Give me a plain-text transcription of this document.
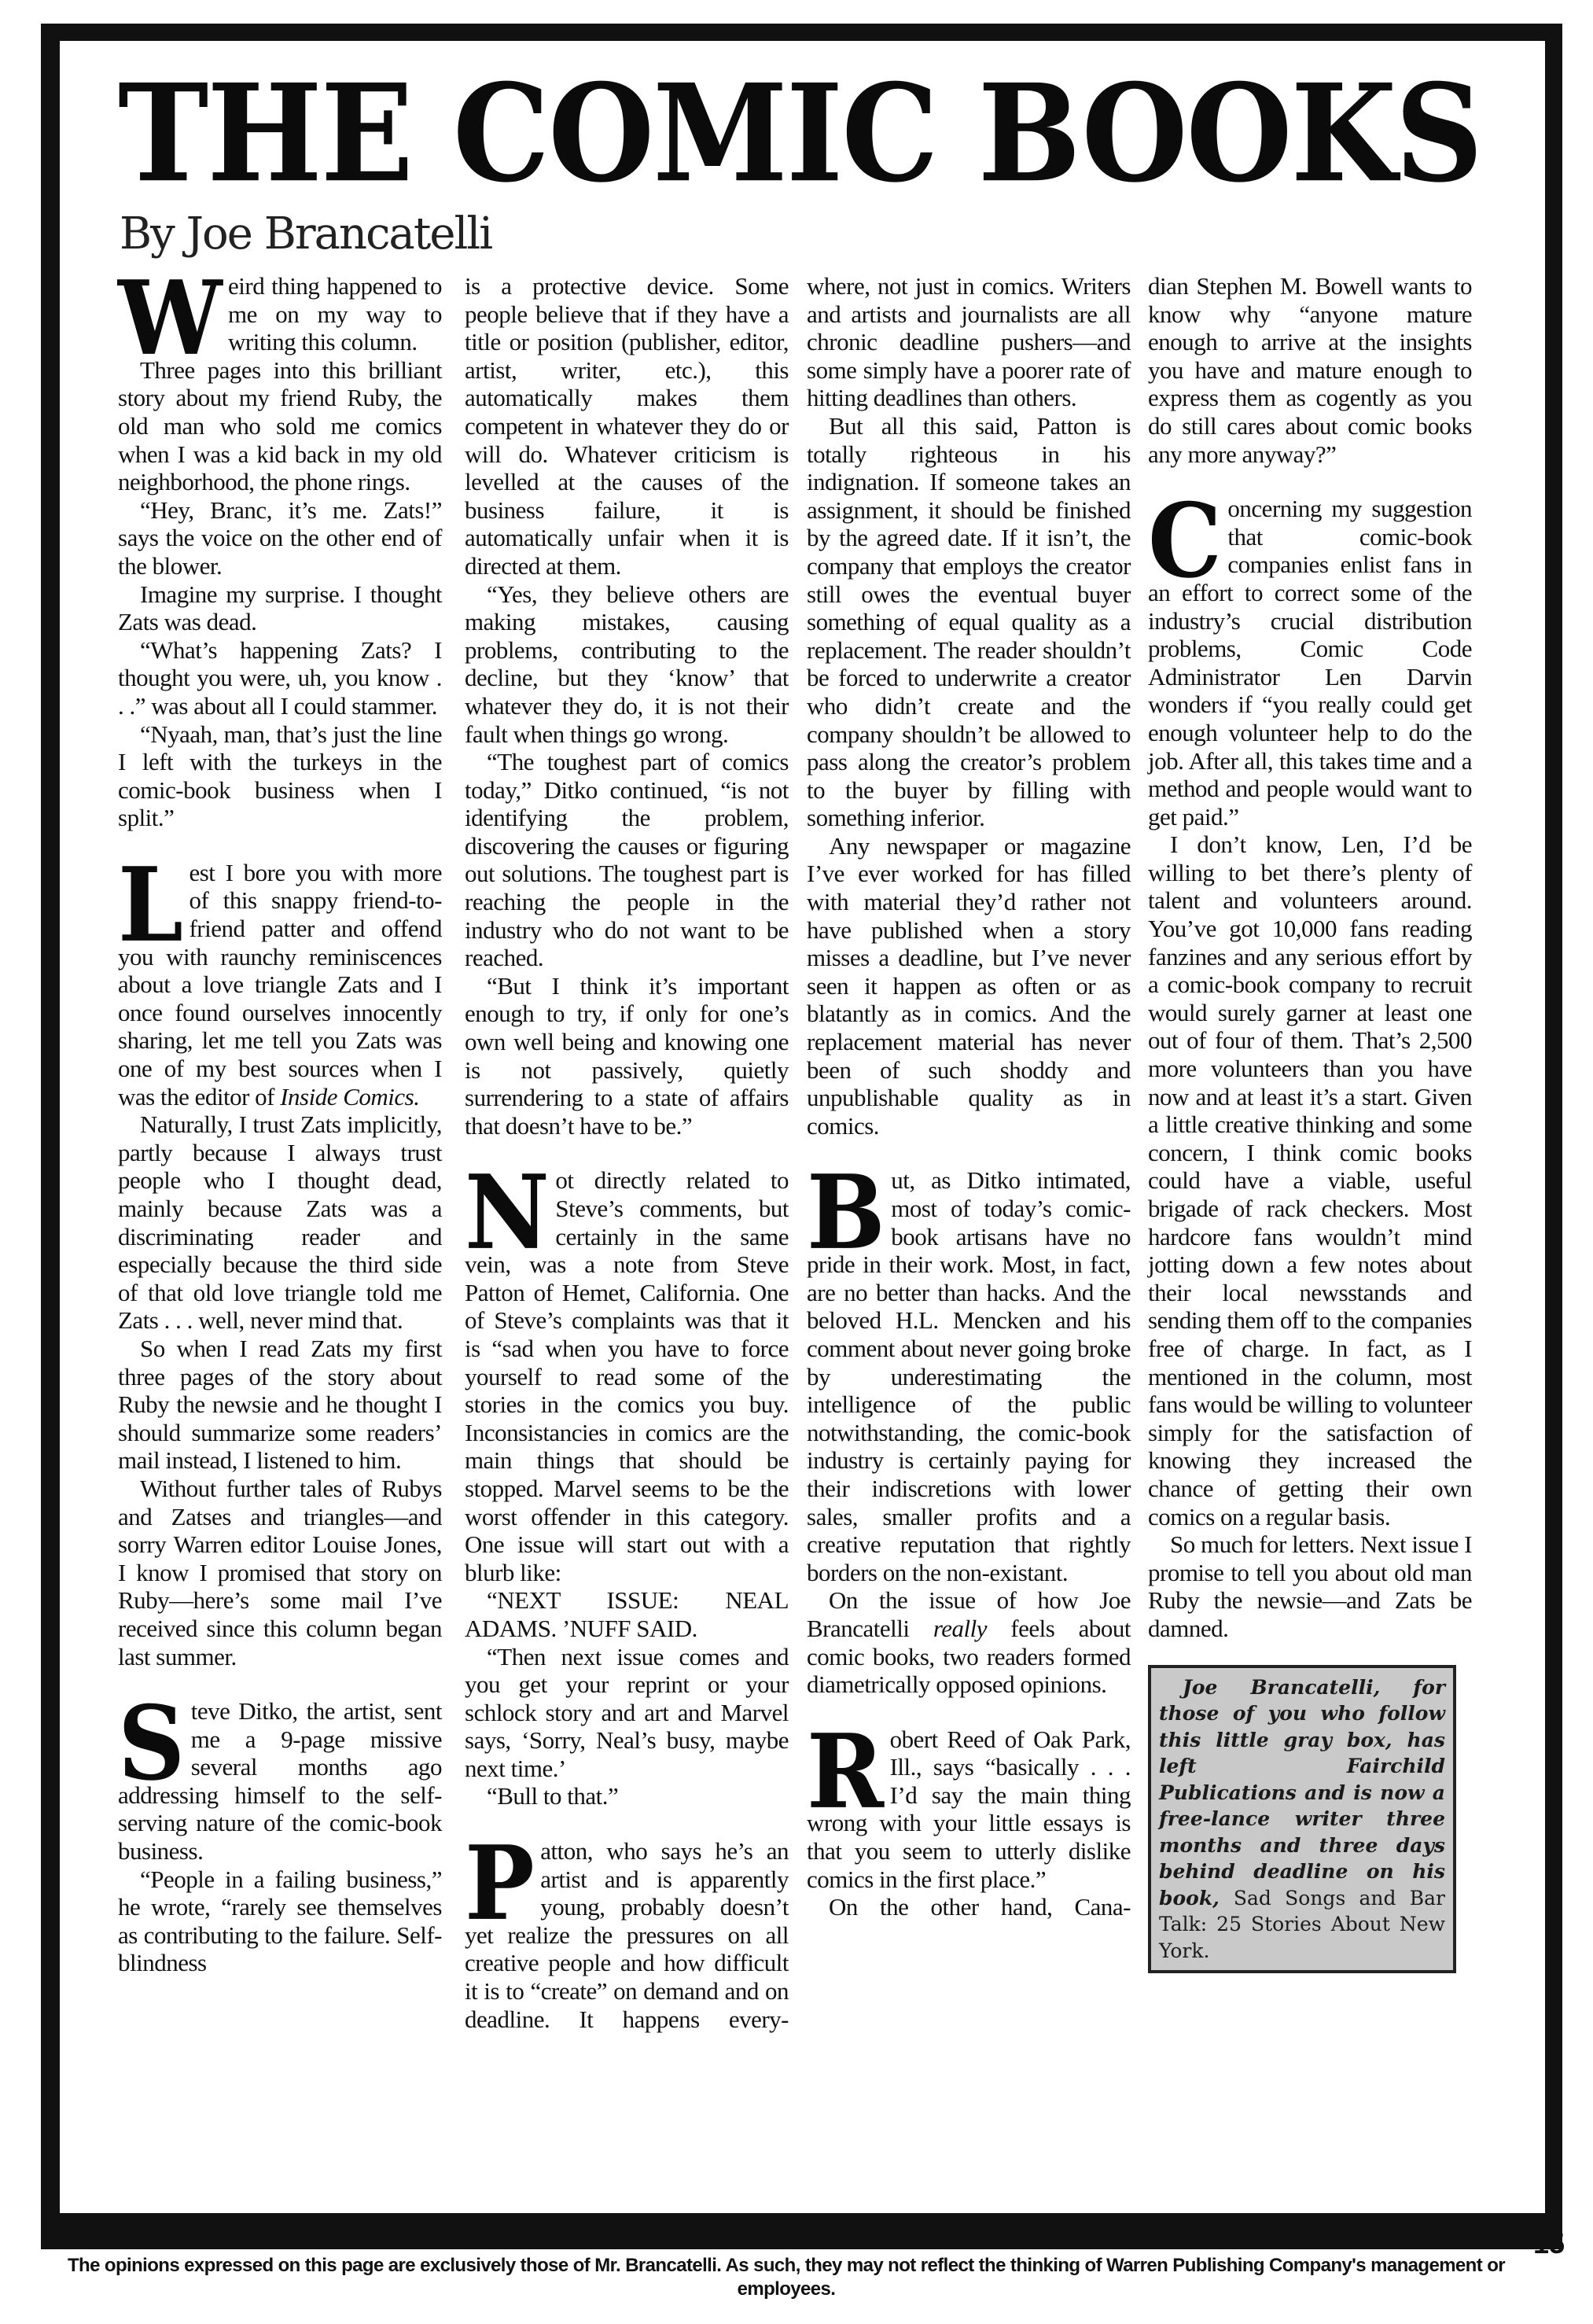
THE COMIC BOOKS

By Joe Brancatelli

Weird thing happened to me on my way to writing this column.

Three pages into this brilliant story about my friend Ruby, the old man who sold me comics when I was a kid back in my old neighborhood, the phone rings.

“Hey, Branc, it’s me. Zats!” says the voice on the other end of the blower.

Imagine my surprise. I thought Zats was dead.

“What’s happening Zats? I thought you were, uh, you know . . .” was about all I could stammer.

“Nyaah, man, that’s just the line I left with the turkeys in the comic-book business when I split.”

Lest I bore you with more of this snappy friend-to-friend patter and offend you with raunchy reminiscences about a love triangle Zats and I once found ourselves innocently sharing, let me tell you Zats was one of my best sources when I was the editor of Inside Comics.

Naturally, I trust Zats implicitly, partly because I always trust people who I thought dead, mainly because Zats was a discriminating reader and especially because the third side of that old love triangle told me Zats . . . well, never mind that.

So when I read Zats my first three pages of the story about Ruby the newsie and he thought I should summarize some readers’ mail instead, I listened to him.

Without further tales of Rubys and Zatses and triangles—and sorry Warren editor Louise Jones, I know I promised that story on Ruby—here’s some mail I’ve received since this column began last summer.

Steve Ditko, the artist, sent me a 9-page missive several months ago addressing himself to the self-serving nature of the comic-book business.

“People in a failing business,” he wrote, “rarely see themselves as contributing to the failure. Self-blindness

is a protective device. Some people believe that if they have a title or position (publisher, editor, artist, writer, etc.), this automatically makes them competent in whatever they do or will do. Whatever criticism is levelled at the causes of the business failure, it is automatically unfair when it is directed at them.

“Yes, they believe others are making mistakes, causing problems, contributing to the decline, but they ‘know’ that whatever they do, it is not their fault when things go wrong.

“The toughest part of comics today,” Ditko continued, “is not identifying the problem, discovering the causes or figuring out solutions. The toughest part is reaching the people in the industry who do not want to be reached.

“But I think it’s important enough to try, if only for one’s own well being and knowing one is not passively, quietly surrendering to a state of affairs that doesn’t have to be.”

Not directly related to Steve’s comments, but certainly in the same vein, was a note from Steve Patton of Hemet, California. One of Steve’s complaints was that it is “sad when you have to force yourself to read some of the stories in the comics you buy. Inconsistancies in comics are the main things that should be stopped. Marvel seems to be the worst offender in this category. One issue will start out with a blurb like:

“NEXT ISSUE: NEAL ADAMS. ’NUFF SAID.

“Then next issue comes and you get your reprint or your schlock story and art and Marvel says, ‘Sorry, Neal’s busy, maybe next time.’

“Bull to that.”

Patton, who says he’s an artist and is apparently young, probably doesn’t yet realize the pressures on all creative people and how difficult it is to “create” on demand and on deadline. It happens every-

where, not just in comics. Writers and artists and journalists are all chronic deadline pushers—and some simply have a poorer rate of hitting deadlines than others.

But all this said, Patton is totally righteous in his indignation. If someone takes an assignment, it should be finished by the agreed date. If it isn’t, the company that employs the creator still owes the eventual buyer something of equal quality as a replacement. The reader shouldn’t be forced to underwrite a creator who didn’t create and the company shouldn’t be allowed to pass along the creator’s problem to the buyer by filling with something inferior.

Any newspaper or magazine I’ve ever worked for has filled with material they’d rather not have published when a story misses a deadline, but I’ve never seen it happen as often or as blatantly as in comics. And the replacement material has never been of such shoddy and unpublishable quality as in comics.

But, as Ditko intimated, most of today’s comic-book artisans have no pride in their work. Most, in fact, are no better than hacks. And the beloved H.L. Mencken and his comment about never going broke by underestimating the intelligence of the public notwithstanding, the comic-book industry is certainly paying for their indiscretions with lower sales, smaller profits and a creative reputation that rightly borders on the non-existant.

On the issue of how Joe Brancatelli really feels about comic books, two readers formed diametrically opposed opinions.

Robert Reed of Oak Park, Ill., says “basically . . . I’d say the main thing wrong with your little essays is that you seem to utterly dislike comics in the first place.”

On the other hand, Cana-

dian Stephen M. Bowell wants to know why “anyone mature enough to arrive at the insights you have and mature enough to express them as cogently as you do still cares about comic books any more anyway?”

Concerning my suggestion that comic-book companies enlist fans in an effort to correct some of the industry’s crucial distribution problems, Comic Code Administrator Len Darvin wonders if “you really could get enough volunteer help to do the job. After all, this takes time and a method and people would want to get paid.”

I don’t know, Len, I’d be willing to bet there’s plenty of talent and volunteers around. You’ve got 10,000 fans reading fanzines and any serious effort by a comic-book company to recruit would surely garner at least one out of four of them. That’s 2,500 more volunteers than you have now and at least it’s a start. Given a little creative thinking and some concern, I think comic books could have a viable, useful brigade of rack checkers. Most hardcore fans wouldn’t mind jotting down a few notes about their local newsstands and sending them off to the companies free of charge. In fact, as I mentioned in the column, most fans would be willing to volunteer simply for the satisfaction of knowing they increased the chance of getting their own comics on a regular basis.

So much for letters. Next issue I promise to tell you about old man Ruby the newsie—and Zats be damned.

Joe Brancatelli, for those of you who follow this little gray box, has left Fairchild Publications and is now a free-lance writer three months and three days behind deadline on his book, Sad Songs and Bar Talk: 25 Stories About New York.

The opinions expressed on this page are exclusively those of Mr. Brancatelli. As such, they may not reflect the thinking of Warren Publishing Company's management or employees.

15
